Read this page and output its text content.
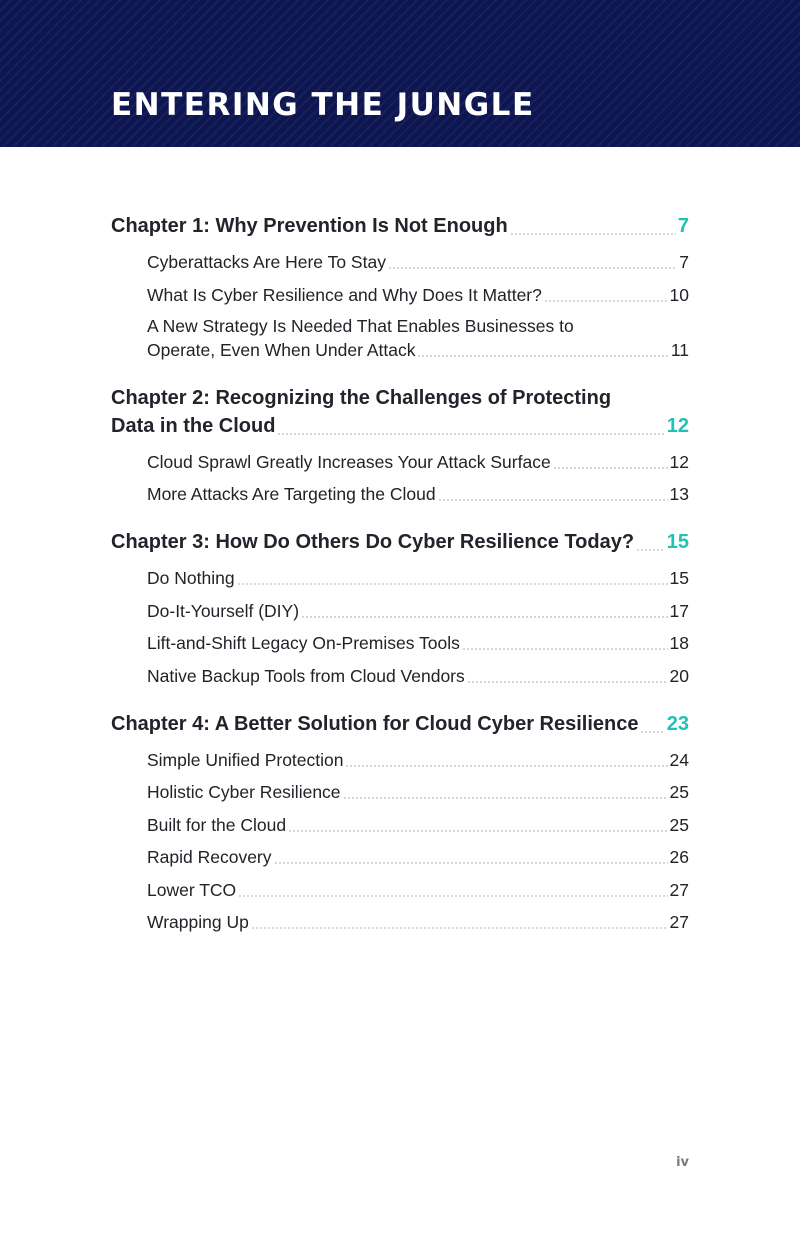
ENTERING THE JUNGLE
Chapter 1: Why Prevention Is Not Enough	7
Cyberattacks Are Here To Stay	7
What Is Cyber Resilience and Why Does It Matter?	10
A New Strategy Is Needed That Enables Businesses to
Operate, Even When Under Attack	11
Chapter 2: Recognizing the Challenges of Protecting
Data in the Cloud	12
Cloud Sprawl Greatly Increases Your Attack Surface	12
More Attacks Are Targeting the Cloud	13
Chapter 3: How Do Others Do Cyber Resilience Today? 15
Do Nothing	15
Do-It-Yourself (DIY)	17
Lift-and-Shift Legacy On-Premises Tools	18
Native Backup Tools from Cloud Vendors	20
Chapter 4: A Better Solution for Cloud Cyber Resilience 23
Simple Unified Protection	24
Holistic Cyber Resilience	25
Built for the Cloud	25
Rapid Recovery	26
Lower TCO	27
Wrapping Up	27
iv
